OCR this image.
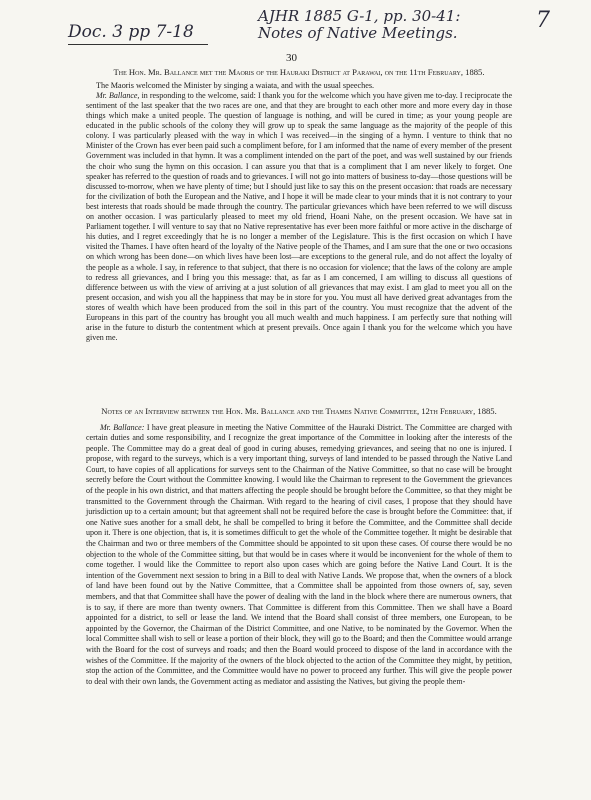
Doc. 3 pp 7-18
AJHR 1885 G-1, pp. 30-41:
Notes of Native Meetings.	7
30

The Hon. Mr. Ballance met the Maoris of the Hauraki District at Parawai, on the 11th February, 1885.

The Maoris welcomed the Minister by singing a waiata, and with the usual speeches.

Mr. Ballance, in responding to the welcome, said: I thank you for the welcome which you have given me to-day. I reciprocate the sentiment of the last speaker that the two races are one, and that they are brought to each other more and more every day in those things which make a united people. The question of language is nothing, and will be cured in time; as your young people are educated in the public schools of the colony they will grow up to speak the same language as the majority of the people of this colony. I was particularly pleased with the way in which I was received—in the singing of a hymn. I venture to think that no Minister of the Crown has ever been paid such a compliment before, for I am informed that the name of every member of the present Government was included in that hymn. It was a compliment intended on the part of the poet, and was well sustained by our friends the choir who sung the hymn on this occasion. I can assure you that that is a compliment that I am never likely to forget. One speaker has referred to the question of roads and to grievances. I will not go into matters of business to-day—those questions will be discussed to-morrow, when we have plenty of time; but I should just like to say this on the present occasion: that roads are necessary for the civilization of both the European and the Native, and I hope it will be made clear to your minds that it is not contrary to your best interests that roads should be made through the country. The particular grievances which have been referred to we will discuss on another occasion. I was particularly pleased to meet my old friend, Hoani Nahe, on the present occasion. We have sat in Parliament together. I will venture to say that no Native representative has ever been more faithful or more active in the discharge of his duties, and I regret exceedingly that he is no longer a member of the Legislature. This is the first occasion on which I have visited the Thames. I have often heard of the loyalty of the Native people of the Thames, and I am sure that the one or two occasions on which wrong has been done—on which lives have been lost—are exceptions to the general rule, and do not affect the loyalty of the people as a whole. I say, in reference to that subject, that there is no occasion for violence; that the laws of the colony are ample to redress all grievances, and I bring you this message: that, as far as I am concerned, I am willing to discuss all questions of difference between us with the view of arriving at a just solution of all grievances that may exist. I am glad to meet you all on the present occasion, and wish you all the happiness that may be in store for you. You must all have derived great advantages from the stores of wealth which have been produced from the soil in this part of the country. You must recognize that the advent of the Europeans in this part of the country has brought you all much wealth and much happiness. I am perfectly sure that nothing will arise in the future to disturb the contentment which at present prevails. Once again I thank you for the welcome which you have given me.

Notes of an Interview between the Hon. Mr. Ballance and the Thames Native Committee, 12th February, 1885.

Mr. Ballance: I have great pleasure in meeting the Native Committee of the Hauraki District. The Committee are charged with certain duties and some responsibility, and I recognize the great importance of the Committee in looking after the interests of the people. The Committee may do a great deal of good in curing abuses, remedying grievances, and seeing that no one is injured. I propose, with regard to the surveys, which is a very important thing, surveys of land intended to be passed through the Native Land Court, to have copies of all applications for surveys sent to the Chairman of the Native Committee, so that no case will be brought secretly before the Court without the Committee knowing. I would like the Chairman to represent to the Government the grievances of the people in his own district, and that matters affecting the people should be brought before the Committee, so that they might be transmitted to the Government through the Chairman. With regard to the hearing of civil cases, I propose that they should have jurisdiction up to a certain amount; but that agreement shall not be required before the case is brought before the Committee: that, if one Native sues another for a small debt, he shall be compelled to bring it before the Committee, and the Committee shall decide upon it. There is one objection, that is, it is sometimes difficult to get the whole of the Committee together. It might be desirable that the Chairman and two or three members of the Committee should be appointed to sit upon these cases. Of course there would be no objection to the whole of the Committee sitting, but that would be in cases where it would be inconvenient for the whole of them to come together. I would like the Committee to report also upon cases which are going before the Native Land Court. It is the intention of the Government next session to bring in a Bill to deal with Native Lands. We propose that, when the owners of a block of land have been found out by the Native Committee, that a Committee shall be appointed from those owners of, say, seven members, and that that Committee shall have the power of dealing with the land in the block where there are numerous owners, that is to say, if there are more than twenty owners. That Committee is different from this Committee. Then we shall have a Board appointed for a district, to sell or lease the land. We intend that the Board shall consist of three members, one European, to be appointed by the Governor, the Chairman of the District Committee, and one Native, to be nominated by the Governor. When the local Committee shall wish to sell or lease a portion of their block, they will go to the Board; and then the Committee would arrange with the Board for the cost of surveys and roads; and then the Board would proceed to dispose of the land in accordance with the wishes of the Committee. If the majority of the owners of the block objected to the action of the Committee they might, by petition, stop the action of the Committee, and the Committee would have no power to proceed any further. This will give the people power to deal with their own lands, the Government acting as mediator and assisting the Natives, but giving the people them-
